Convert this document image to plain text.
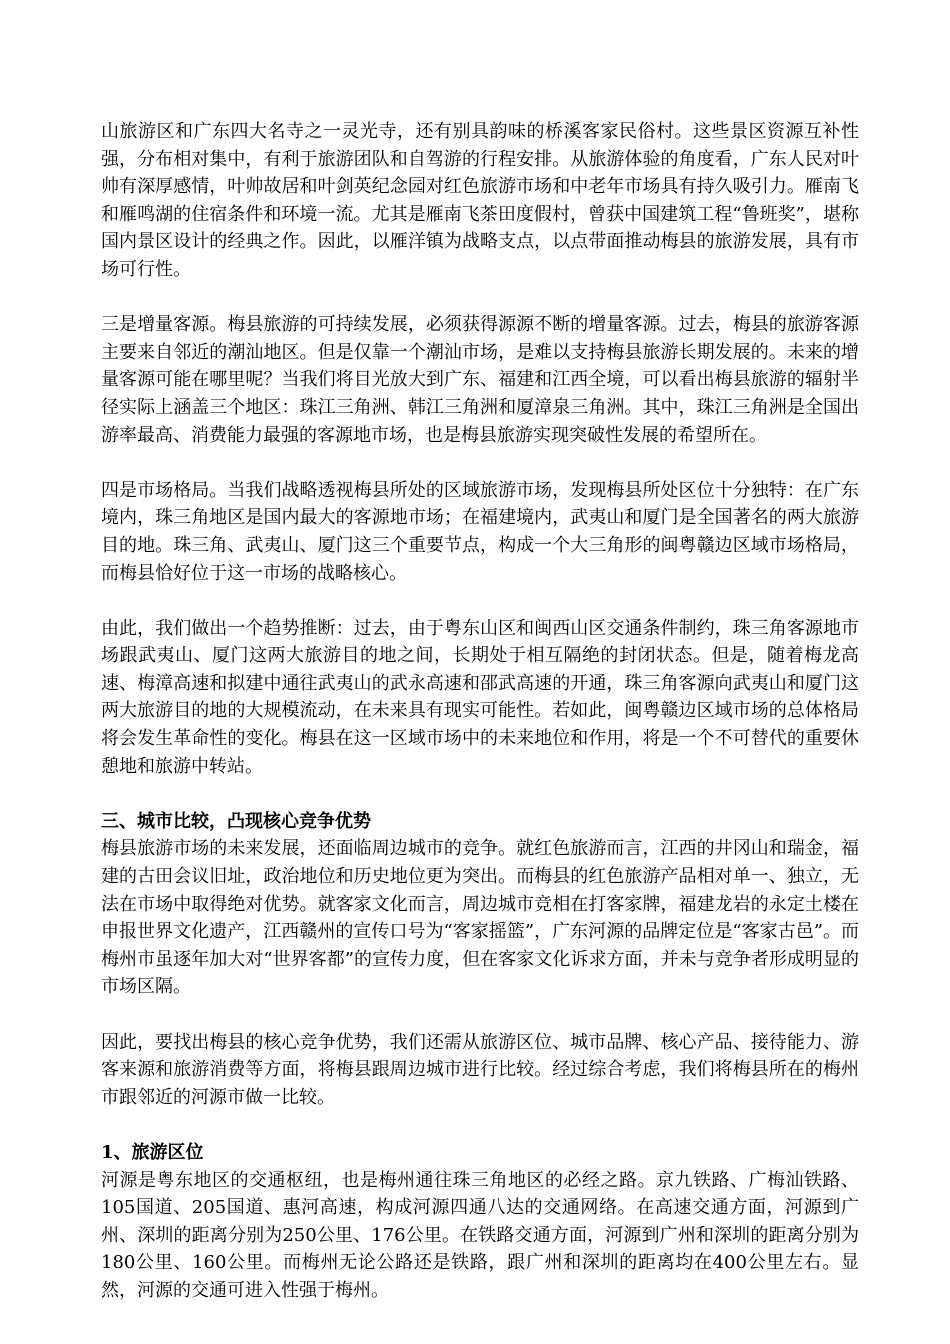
山旅游区和广东四大名寺之一灵光寺，还有别具韵味的桥溪客家民俗村。这些景区资源互补性强，分布相对集中，有利于旅游团队和自驾游的行程安排。从旅游体验的角度看，广东人民对叶帅有深厚感情，叶帅故居和叶剑英纪念园对红色旅游市场和中老年市场具有持久吸引力。雁南飞和雁鸣湖的住宿条件和环境一流。尤其是雁南飞茶田度假村，曾获中国建筑工程“鲁班奖”，堪称国内景区设计的经典之作。因此，以雁洋镇为战略支点，以点带面推动梅县的旅游发展，具有市场可行性。

三是增量客源。梅县旅游的可持续发展，必须获得源源不断的增量客源。过去，梅县的旅游客源主要来自邻近的潮汕地区。但是仅靠一个潮汕市场，是难以支持梅县旅游长期发展的。未来的增量客源可能在哪里呢？当我们将目光放大到广东、福建和江西全境，可以看出梅县旅游的辐射半径实际上涵盖三个地区：珠江三角洲、韩江三角洲和厦漳泉三角洲。其中，珠江三角洲是全国出游率最高、消费能力最强的客源地市场，也是梅县旅游实现突破性发展的希望所在。

四是市场格局。当我们战略透视梅县所处的区域旅游市场，发现梅县所处区位十分独特：在广东境内，珠三角地区是国内最大的客源地市场；在福建境内，武夷山和厦门是全国著名的两大旅游目的地。珠三角、武夷山、厦门这三个重要节点，构成一个大三角形的闽粤赣边区域市场格局，而梅县恰好位于这一市场的战略核心。

由此，我们做出一个趋势推断：过去，由于粤东山区和闽西山区交通条件制约，珠三角客源地市场跟武夷山、厦门这两大旅游目的地之间，长期处于相互隔绝的封闭状态。但是，随着梅龙高速、梅漳高速和拟建中通往武夷山的武永高速和邵武高速的开通，珠三角客源向武夷山和厦门这两大旅游目的地的大规模流动，在未来具有现实可能性。若如此，闽粤赣边区域市场的总体格局将会发生革命性的变化。梅县在这一区域市场中的未来地位和作用，将是一个不可替代的重要休憩地和旅游中转站。

三、城市比较，凸现核心竞争优势

梅县旅游市场的未来发展，还面临周边城市的竞争。就红色旅游而言，江西的井冈山和瑞金，福建的古田会议旧址，政治地位和历史地位更为突出。而梅县的红色旅游产品相对单一、独立，无法在市场中取得绝对优势。就客家文化而言，周边城市竞相在打客家牌，福建龙岩的永定土楼在申报世界文化遗产，江西赣州的宣传口号为“客家摇篮”，广东河源的品牌定位是“客家古邑”。而梅州市虽逐年加大对“世界客都”的宣传力度，但在客家文化诉求方面，并未与竞争者形成明显的市场区隔。

因此，要找出梅县的核心竞争优势，我们还需从旅游区位、城市品牌、核心产品、接待能力、游客来源和旅游消费等方面，将梅县跟周边城市进行比较。经过综合考虑，我们将梅县所在的梅州市跟邻近的河源市做一比较。

1、旅游区位

河源是粤东地区的交通枢纽，也是梅州通往珠三角地区的必经之路。京九铁路、广梅汕铁路、105国道、205国道、惠河高速，构成河源四通八达的交通网络。在高速交通方面，河源到广州、深圳的距离分别为250公里、176公里。在铁路交通方面，河源到广州和深圳的距离分别为180公里、160公里。而梅州无论公路还是铁路，跟广州和深圳的距离均在400公里左右。显然，河源的交通可进入性强于梅州。
